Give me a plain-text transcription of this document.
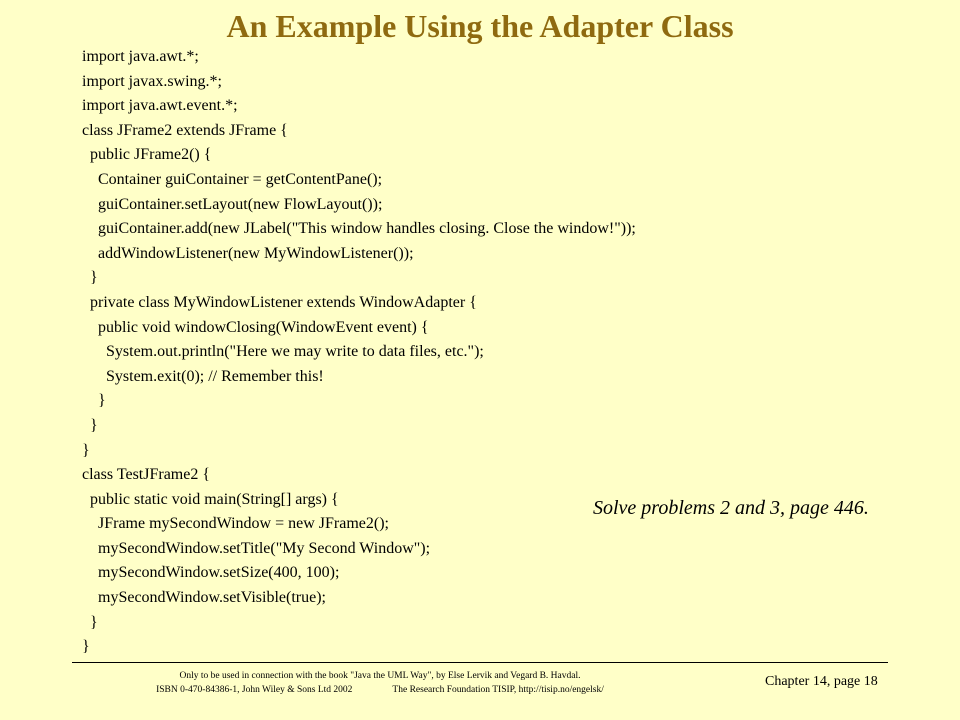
An Example Using the Adapter Class
import java.awt.*;
import javax.swing.*;
import java.awt.event.*;
class JFrame2 extends JFrame {
public JFrame2() {
Container guiContainer = getContentPane();
guiContainer.setLayout(new FlowLayout());
guiContainer.add(new JLabel("This window handles closing. Close the window!"));
addWindowListener(new MyWindowListener());
}
private class MyWindowListener extends WindowAdapter {
public void windowClosing(WindowEvent event) {
System.out.println("Here we may write to data files, etc.");
System.exit(0); // Remember this!
}
}
}
class TestJFrame2 {
public static void main(String[] args) {
JFrame mySecondWindow = new JFrame2();
mySecondWindow.setTitle("My Second Window");
mySecondWindow.setSize(400, 100);
mySecondWindow.setVisible(true);
}
}
Solve problems 2 and 3, page 446.
Only to be used in connection with the book "Java the UML Way", by Else Lervik and Vegard B. Havdal.
ISBN 0-470-84386-1, John Wiley & Sons Ltd 2002	The Research Foundation TISIP, http://tisip.no/engelsk/
Chapter 14, page 18
